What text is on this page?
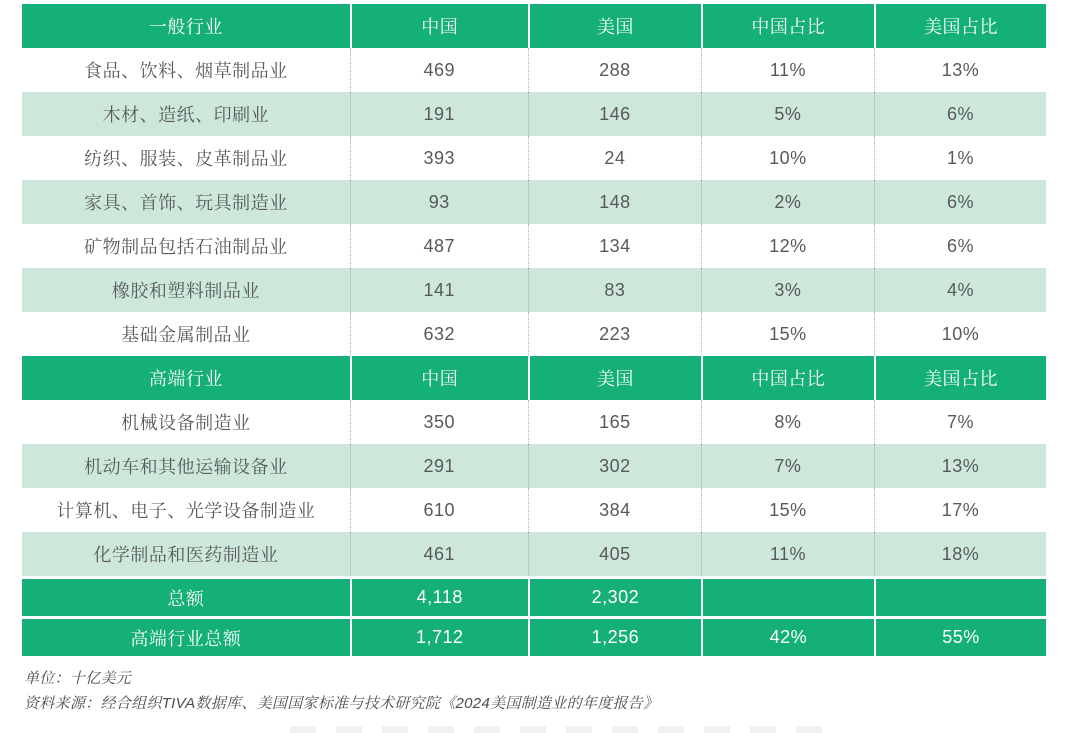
一般行业	中国	美国	中国占比	美国占比
食品、饮料、烟草制品业	469	288	11%	13%
木材、造纸、印刷业	191	146	5%	6%
纺织、服装、皮革制品业	393	24	10%	1%
家具、首饰、玩具制造业	93	148	2%	6%
矿物制品包括石油制品业	487	134	12%	6%
橡胶和塑料制品业	141	83	3%	4%
基础金属制品业	632	223	15%	10%
高端行业	中国	美国	中国占比	美国占比
机械设备制造业	350	165	8%	7%
机动车和其他运输设备业	291	302	7%	13%
计算机、电子、光学设备制造业	610	384	15%	17%
化学制品和医药制造业	461	405	11%	18%
总额	4,118	2,302
高端行业总额	1,712	1,256	42%	55%
单位：十亿美元
资料来源：经合组织TIVA数据库、美国国家标准与技术研究院《2024美国制造业的年度报告》
